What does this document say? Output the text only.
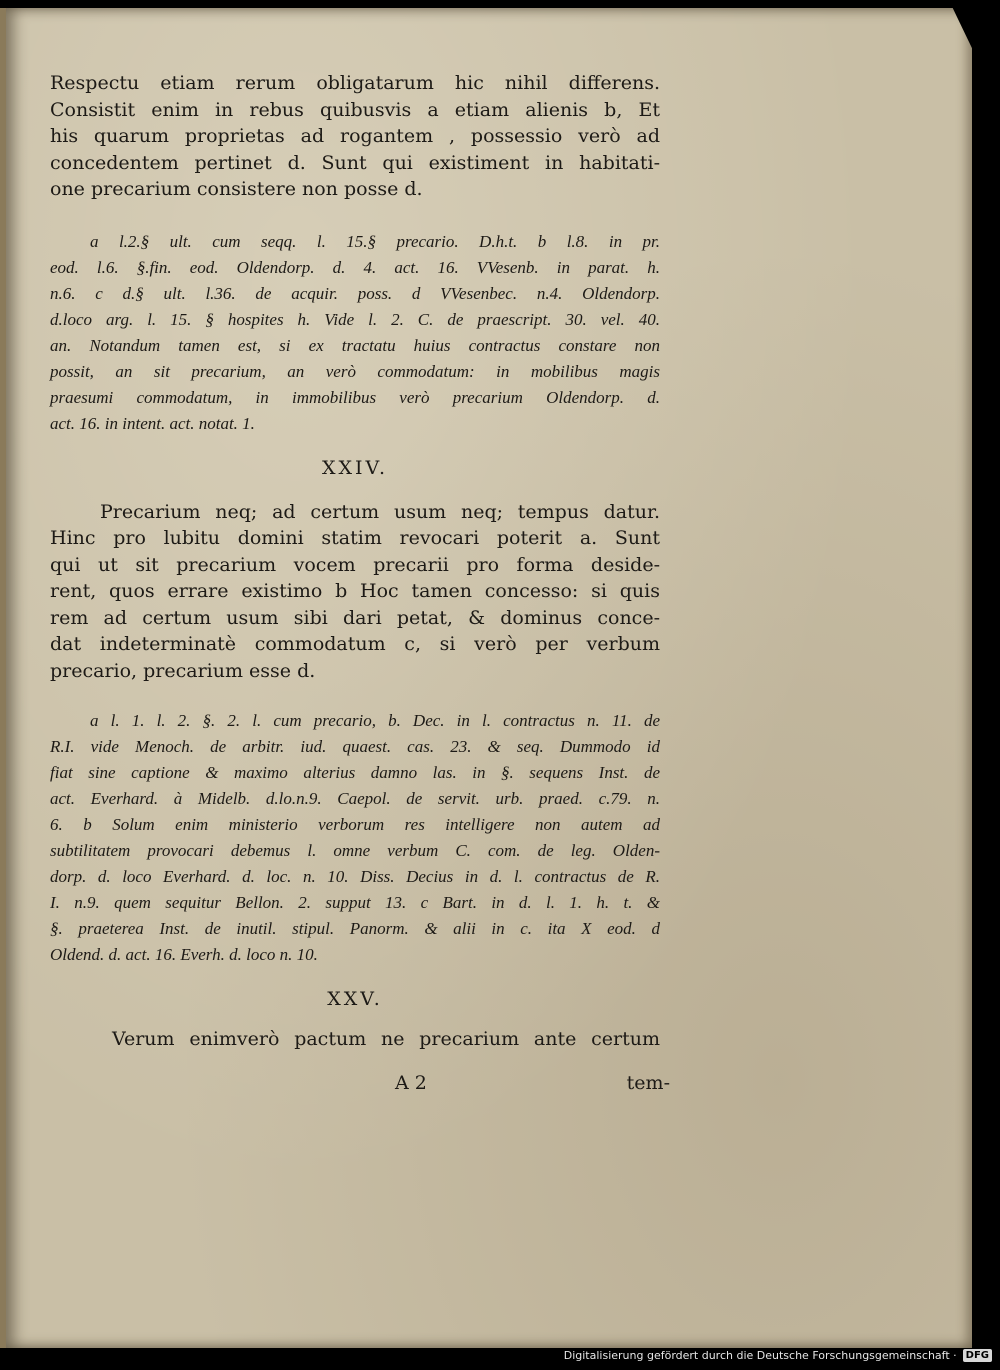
Respectu etiam rerum obligatarum hic nihil differens.
Consistit enim in rebus quibusvis a etiam alienis b, Et
his quarum proprietas ad rogantem , possessio verò ad
concedentem pertinet d. Sunt qui existiment in habitati-
one precarium consistere non posse d.
a l.2.§ ult. cum seqq. l. 15.§ precario. D.h.t. b l.8. in pr.
eod. l.6. §.fin. eod. Oldendorp. d. 4. act. 16. VVesenb. in parat. h.
n.6. c d.§ ult. l.36. de acquir. poss. d VVesenbec. n.4. Oldendorp.
d.loco arg. l. 15. § hospites h. Vide l. 2. C. de praescript. 30. vel. 40.
an. Notandum tamen est, si ex tractatu huius contractus constare non
possit, an sit precarium, an verò commodatum: in mobilibus magis
praesumi commodatum, in immobilibus verò precarium Oldendorp. d.
act. 16. in intent. act. notat. 1.
XXIV.
Precarium neq; ad certum usum neq; tempus datur.
Hinc pro lubitu domini statim revocari poterit a. Sunt
qui ut sit precarium vocem precarii pro forma deside-
rent, quos errare existimo b Hoc tamen concesso: si quis
rem ad certum usum sibi dari petat, & dominus conce-
dat indeterminatè commodatum c, si verò per verbum
precario, precarium esse d.
a l. 1. l. 2. §. 2. l. cum precario, b. Dec. in l. contractus n. 11. de
R.I. vide Menoch. de arbitr. iud. quaest. cas. 23. & seq. Dummodo id
fiat sine captione & maximo alterius damno las. in §. sequens Inst. de
act. Everhard. à Midelb. d.lo.n.9. Caepol. de servit. urb. praed. c.79. n.
6. b Solum enim ministerio verborum res intelligere non autem ad
subtilitatem provocari debemus l. omne verbum C. com. de leg. Olden-
dorp. d. loco Everhard. d. loc. n. 10. Diss. Decius in d. l. contractus de R.
I. n.9. quem sequitur Bellon. 2. supput 13. c Bart. in d. l. 1. h. t. &
§. praeterea Inst. de inutil. stipul. Panorm. & alii in c. ita X eod. d
Oldend. d. act. 16. Everh. d. loco n. 10.
XXV.
Verum enimverò pactum ne precarium ante certum
A 2	tem-
Digitalisierung gefördert durch die Deutsche Forschungsgemeinschaft · DFG
